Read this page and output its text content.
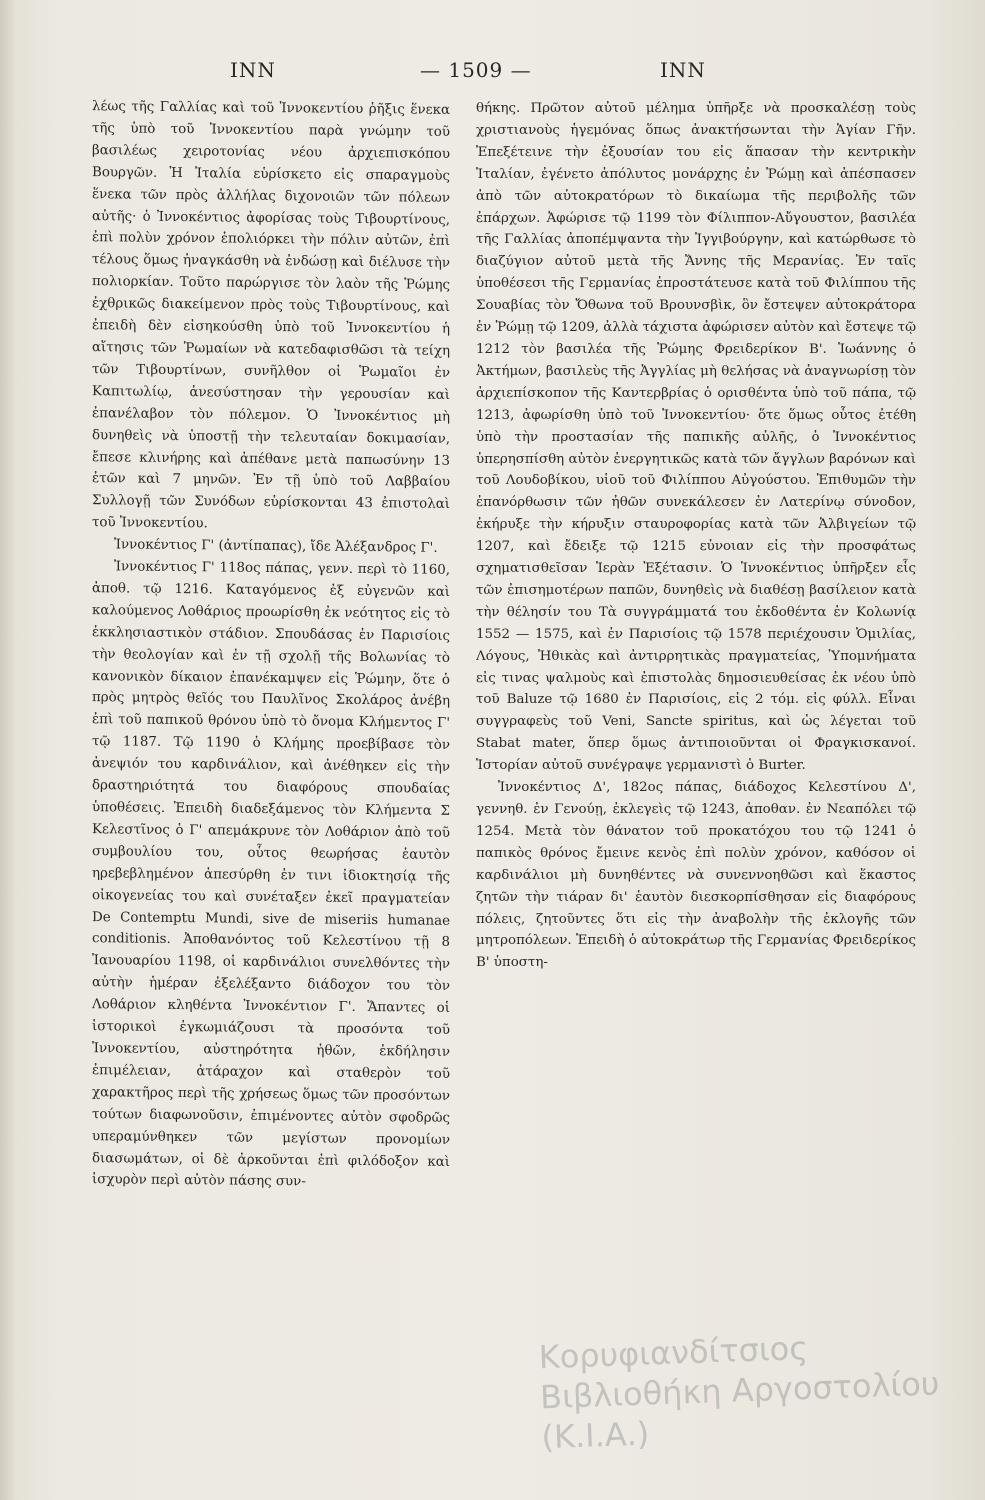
INN	— 1509 —	INN

λέως τῆς Γαλλίας καὶ τοῦ Ἰννοκεντίου ῥῆξις ἕνεκα τῆς ὑπὸ τοῦ Ἰννοκεντίου παρὰ γνώμην τοῦ βασιλέως χειροτονίας νέου ἀρχιεπισκόπου Βουργῶν. Ἡ Ἰταλία εὑρίσκετο εἰς σπαραγμοὺς ἕνεκα τῶν πρὸς ἀλλήλας διχονοιῶν τῶν πόλεων αὐτῆς· ὁ Ἰννοκέντιος ἀφορίσας τοὺς Τιβουρτίνους, ἐπὶ πολὺν χρόνον ἐπολιόρκει τὴν πόλιν αὐτῶν, ἐπὶ τέλους ὅμως ἠναγκάσθη νὰ ἐνδώσῃ καὶ διέλυσε τὴν πολιορκίαν. Τοῦτο παρώργισε τὸν λαὸν τῆς Ῥώμης ἐχθρικῶς διακείμενον πρὸς τοὺς Τιβουρτίνους, καὶ ἐπειδὴ δὲν εἰσηκούσθη ὑπὸ τοῦ Ἰννοκεντίου ἡ αἴτησις τῶν Ῥωμαίων νὰ κατεδαφισθῶσι τὰ τείχη τῶν Τιβουρτίνων, συνῆλθον οἱ Ῥωμαῖοι ἐν Καπιτωλίῳ, ἀνεσύστησαν τὴν γερουσίαν καὶ ἐπανέλαβον τὸν πόλεμον. Ὁ Ἰννοκέντιος μὴ δυνηθεὶς νὰ ὑποστῇ τὴν τελευταίαν δοκιμασίαν, ἔπεσε κλινήρης καὶ ἀπέθανε μετὰ παπωσύνην 13 ἐτῶν καὶ 7 μηνῶν. Ἐν τῇ ὑπὸ τοῦ Λαββαίου Συλλογῇ τῶν Συνόδων εὑρίσκονται 43 ἐπιστολαὶ τοῦ Ἰννοκεντίου.

Ἰννοκέντιος Γ' (ἀντίπαπας), ἴδε Ἀλέξανδρος Γ'.

Ἰννοκέντιος Γ' 118ος πάπας, γενν. περὶ τὸ 1160, ἀποθ. τῷ 1216. Καταγόμενος ἐξ εὐγενῶν καὶ καλούμενος Λοθάριος προωρίσθη ἐκ νεότητος εἰς τὸ ἐκκλησιαστικὸν στάδιον. Σπουδάσας ἐν Παρισίοις τὴν θεολογίαν καὶ ἐν τῇ σχολῇ τῆς Βολωνίας τὸ κανονικὸν δίκαιον ἐπανέκαμψεν εἰς Ῥώμην, ὅτε ὁ πρὸς μητρὸς θεῖός του Παυλῖνος Σκολάρος ἀνέβη ἐπὶ τοῦ παπικοῦ θρόνου ὑπὸ τὸ ὄνομα Κλήμεντος Γ' τῷ 1187. Τῷ 1190 ὁ Κλήμης προεβίβασε τὸν ἀνεψιόν του καρδινάλιον, καὶ ἀνέθηκεν εἰς τὴν δραστηριότητά του διαφόρους σπουδαίας ὑποθέσεις. Ἐπειδὴ διαδεξάμενος τὸν Κλήμεντα Σ Κελεστῖνος ὁ Γ' απεμάκρυνε τὸν Λοθάριον ἀπὸ τοῦ συμβουλίου του, οὗτος θεωρήσας ἑαυτὸν ηρεβεβλημένον ἀπεσύρθη ἐν τινι ἰδιοκτησίᾳ τῆς οἰκογενείας του καὶ συνέταξεν ἐκεῖ πραγματείαν De Contemptu Mundi, sive de miseriis humanae conditionis. Ἀποθανόντος τοῦ Κελεστίνου τῇ 8 Ἰανουαρίου 1198, οἱ καρδινάλιοι συνελθόντες τὴν αὐτὴν ἡμέραν ἐξελέξαντο διάδοχον του τὸν Λοθάριον κληθέντα Ἰννοκέντιον Γ'. Ἅπαντες οἱ ἱστορικοὶ ἐγκωμιάζουσι τὰ προσόντα τοῦ Ἰννοκεντίου, αὐστηρότητα ἠθῶν, ἐκδήλησιν ἐπιμέλειαν, ἀτάραχον καὶ σταθερὸν τοῦ χαρακτῆρος περὶ τῆς χρήσεως ὅμως τῶν προσόντων τούτων διαφωνοῦσιν, ἐπιμένοντες αὐτὸν σφοδρῶς υπεραμύνθηκεν τῶν μεγίστων προνομίων διασωμάτων, οἱ δὲ ἀρκοῦνται ἐπὶ φιλόδοξον καὶ ἰσχυρὸν περὶ αὐτὸν πάσης συν-

θήκης. Πρῶτον αὐτοῦ μέλημα ὑπῆρξε νὰ προσκαλέσῃ τοὺς χριστιανοὺς ἡγεμόνας ὅπως ἀνακτήσωνται τὴν Ἁγίαν Γῆν. Ἐπεξέτεινε τὴν ἐξουσίαν του εἰς ἅπασαν τὴν κεντρικὴν Ἰταλίαν, ἐγένετο ἀπόλυτος μονάρχης ἐν Ῥώμῃ καὶ ἀπέσπασεν ἀπὸ τῶν αὐτοκρατόρων τὸ δικαίωμα τῆς περιβολῆς τῶν ἐπάρχων. Ἀφώρισε τῷ 1199 τὸν Φίλιππον-Αὔγουστον, βασιλέα τῆς Γαλλίας ἀποπέμψαντα τὴν Ἰγγιβούργην, καὶ κατώρθωσε τὸ διαζύγιον αὐτοῦ μετὰ τῆς Ἄννης τῆς Μερανίας. Ἐν ταῖς ὑποθέσεσι τῆς Γερμανίας ἐπροστάτευσε κατὰ τοῦ Φιλίππου τῆς Σουαβίας τὸν Ὄθωνα τοῦ Βρουνσβὶκ, ὃν ἔστεψεν αὐτοκράτορα ἐν Ῥώμῃ τῷ 1209, ἀλλὰ τάχιστα ἀφώρισεν αὐτὸν καὶ ἔστεψε τῷ 1212 τὸν βασιλέα τῆς Ῥώμης Φρειδερίκον Β'. Ἰωάννης ὁ Ἀκτήμων, βασιλεὺς τῆς Ἀγγλίας μὴ θελήσας νὰ ἀναγνωρίσῃ τὸν ἀρχιεπίσκοπον τῆς Καντερβρίας ὁ ορισθέντα ὑπὸ τοῦ πάπα, τῷ 1213, ἀφωρίσθη ὑπὸ τοῦ Ἰννοκεντίου· ὅτε ὅμως οὗτος ἐτέθη ὑπὸ τὴν προστασίαν τῆς παπικῆς αὐλῆς, ὁ Ἰννοκέντιος ὑπερησπίσθη αὐτὸν ἐνεργητικῶς κατὰ τῶν ἄγγλων βαρόνων καὶ τοῦ Λουδοβίκου, υἱοῦ τοῦ Φιλίππου Αὐγούστου. Ἐπιθυμῶν τὴν ἐπανόρθωσιν τῶν ἠθῶν συνεκάλεσεν ἐν Λατερίνῳ σύνοδον, ἐκήρυξε τὴν κήρυξιν σταυροφορίας κατὰ τῶν Ἀλβιγείων τῷ 1207, καὶ ἔδειξε τῷ 1215 εὐνοιαν εἰς τὴν προσφάτως σχηματισθεῖσαν Ἱερὰν Ἐξέτασιν. Ὁ Ἰννοκέντιος ὑπῆρξεν εἷς τῶν ἐπισημοτέρων παπῶν, δυνηθεὶς νὰ διαθέσῃ βασίλειον κατὰ τὴν θέλησίν του Τὰ συγγράμματά του ἐκδοθέντα ἐν Κολωνίᾳ 1552 — 1575, καὶ ἐν Παρισίοις τῷ 1578 περιέχουσιν Ὁμιλίας, Λόγους, Ἠθικὰς καὶ ἀντιρρητικὰς πραγματείας, Ὑπομνήματα εἰς τινας ψαλμοὺς καὶ ἐπιστολὰς δημοσιευθείσας ἐκ νέου ὑπὸ τοῦ Baluze τῷ 1680 ἐν Παρισίοις, εἰς 2 τόμ. εἰς φύλλ. Εἶναι συγγραφεὺς τοῦ Veni, Sancte spiritus, καὶ ὡς λέγεται τοῦ Stabat mater, ὅπερ ὅμως ἀντιποιοῦνται οἱ Φραγκισκανοί. Ἱστορίαν αὐτοῦ συνέγραψε γερμανιστὶ ὁ Burter.

Ἰννοκέντιος Δ', 182ος πάπας, διάδοχος Κελεστίνου Δ', γεννηθ. ἐν Γενούῃ, ἐκλεγεὶς τῷ 1243, ἀποθαν. ἐν Νεαπόλει τῷ 1254. Μετὰ τὸν θάνατον τοῦ προκατόχου του τῷ 1241 ὁ παπικὸς θρόνος ἔμεινε κενὸς ἐπὶ πολὺν χρόνον, καθόσον οἱ καρδινάλιοι μὴ δυνηθέντες νὰ συνεννοηθῶσι καὶ ἕκαστος ζητῶν τὴν τιάραν δι' ἑαυτὸν διεσκορπίσθησαν εἰς διαφόρους πόλεις, ζητοῦντες ὅτι εἰς τὴν ἀναβολὴν τῆς ἐκλογῆς τῶν μητροπόλεων. Ἐπειδὴ ὁ αὐτοκράτωρ τῆς Γερμανίας Φρειδερίκος Β' ὑποστη-

Κορυφιανδίτσιος Βιβλιοθήκη Αργοστολίου (Κ.Ι.Α.)
